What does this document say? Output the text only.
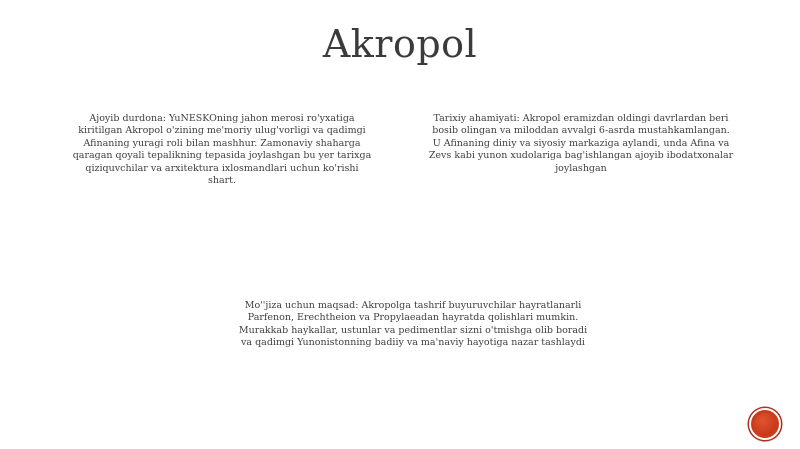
Akropol
Ajoyib durdona: YuNESKOning jahon merosi ro'yxatiga kiritilgan Akropol o'zining me'moriy ulug'vorligi va qadimgi Afinaning yuragi roli bilan mashhur. Zamonaviy shaharga qaragan qoyali tepalikning tepasida joylashgan bu yer tarixga qiziquvchilar va arxitektura ixlosmandlari uchun ko'rishi shart.
Tarixiy ahamiyati: Akropol eramizdan oldingi davrlardan beri bosib olingan va miloddan avvalgi 6-asrda mustahkamlangan. U Afinaning diniy va siyosiy markaziga aylandi, unda Afina va Zevs kabi yunon xudolariga bag'ishlangan ajoyib ibodatxonalar joylashgan
Mo''jiza uchun maqsad: Akropolga tashrif buyuruvchilar hayratlanarli Parfenon, Erechtheion va Propylaeadan hayratda qolishlari mumkin. Murakkab haykallar, ustunlar va pedimentlar sizni o'tmishga olib boradi va qadimgi Yunonistonning badiiy va ma'naviy hayotiga nazar tashlaydi
